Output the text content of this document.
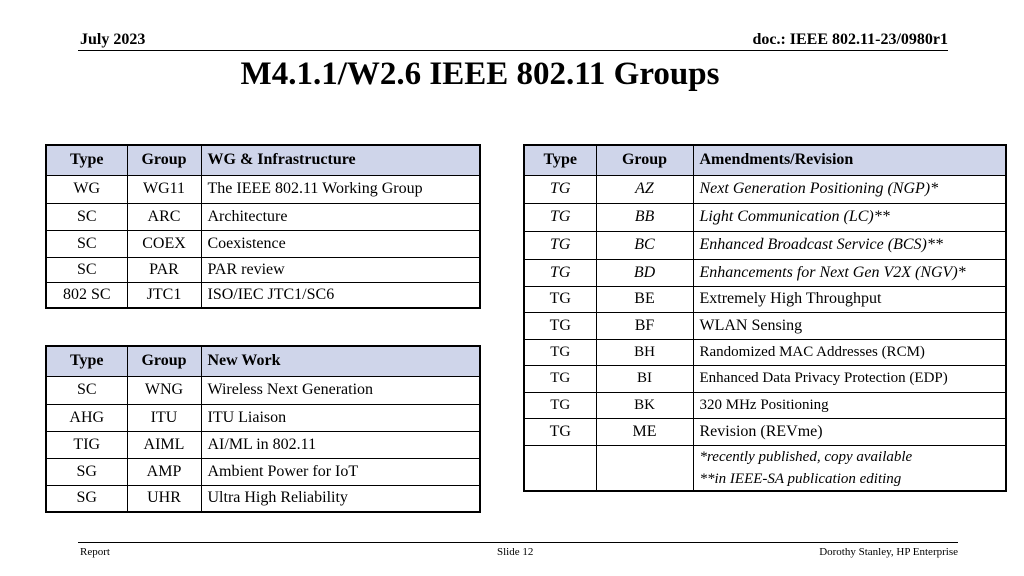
July 2023	doc.: IEEE 802.11-23/0980r1
M4.1.1/W2.6 IEEE 802.11 Groups
Type	Group	WG & Infrastructure
WG	WG11	The IEEE 802.11 Working Group
SC	ARC	Architecture
SC	COEX	Coexistence
SC	PAR	PAR review
802 SC	JTC1	ISO/IEC JTC1/SC6
Type	Group	New Work
SC	WNG	Wireless Next Generation
AHG	ITU	ITU Liaison
TIG	AIML	AI/ML in 802.11
SG	AMP	Ambient Power for IoT
SG	UHR	Ultra High Reliability
Type	Group	Amendments/Revision
TG	AZ	Next Generation Positioning (NGP)*
TG	BB	Light Communication (LC)**
TG	BC	Enhanced Broadcast Service (BCS)**
TG	BD	Enhancements for Next Gen V2X (NGV)*
TG	BE	Extremely High Throughput
TG	BF	WLAN Sensing
TG	BH	Randomized MAC Addresses (RCM)
TG	BI	Enhanced Data Privacy Protection (EDP)
TG	BK	320 MHz Positioning
TG	ME	Revision (REVme)

		*recently published, copy available
**in IEEE-SA publication editing
Report	Slide 12	Dorothy Stanley, HP Enterprise
